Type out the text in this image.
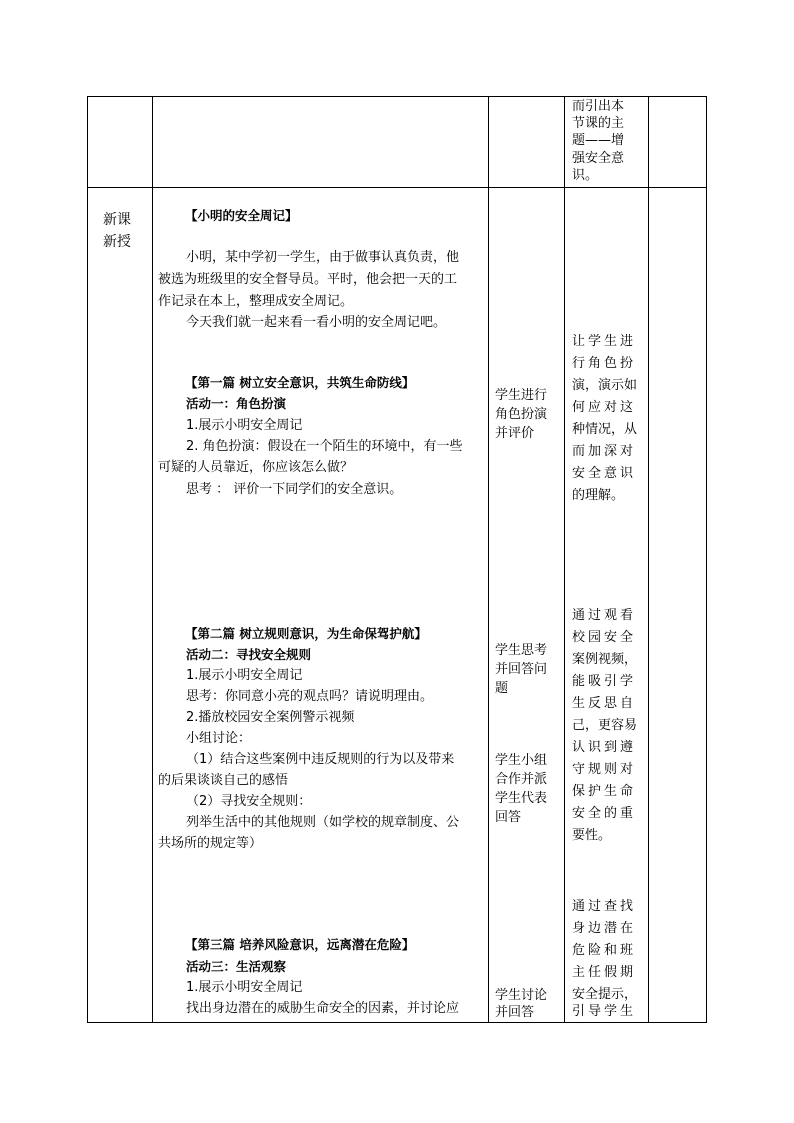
而引出本
节课的主
题——增
强安全意
识。
新课
新授
【小明的安全周记】
小明，某中学初一学生，由于做事认真负责，他
被选为班级里的安全督导员。平时，他会把一天的工
作记录在本上，整理成安全周记。
今天我们就一起来看一看小明的安全周记吧。
【第一篇 树立安全意识，共筑生命防线】
活动一：角色扮演
1.展示小明安全周记
2. 角色扮演：假设在一个陌生的环境中，有一些
可疑的人员靠近，你应该怎么做？
思考 ： 评价一下同学们的安全意识。
学生进行
角色扮演
并评价
让学生进
行角色扮
演，演示如
何应对这
种情况，从
而加深对
安全意识
的理解。
【第二篇 树立规则意识，为生命保驾护航】
活动二：寻找安全规则
1.展示小明安全周记
思考：你同意小亮的观点吗？请说明理由。
2.播放校园安全案例警示视频
小组讨论：
（1）结合这些案例中违反规则的行为以及带来
的后果谈谈自己的感悟
（2）寻找安全规则：
列举生活中的其他规则（如学校的规章制度、公
共场所的规定等）
学生思考
并回答问
题
学生小组
合作并派
学生代表
回答
通过观看
校园安全
案例视频，
能吸引学
生反思自
己，更容易
认识到遵
守规则对
保护生命
安全的重
要性。
【第三篇 培养风险意识，远离潜在危险】
活动三：生活观察
1.展示小明安全周记
找出身边潜在的威胁生命安全的因素，并讨论应
学生讨论
并回答
通过查找
身边潜在
危险和班
主任假期
安全提示，
引导学生
